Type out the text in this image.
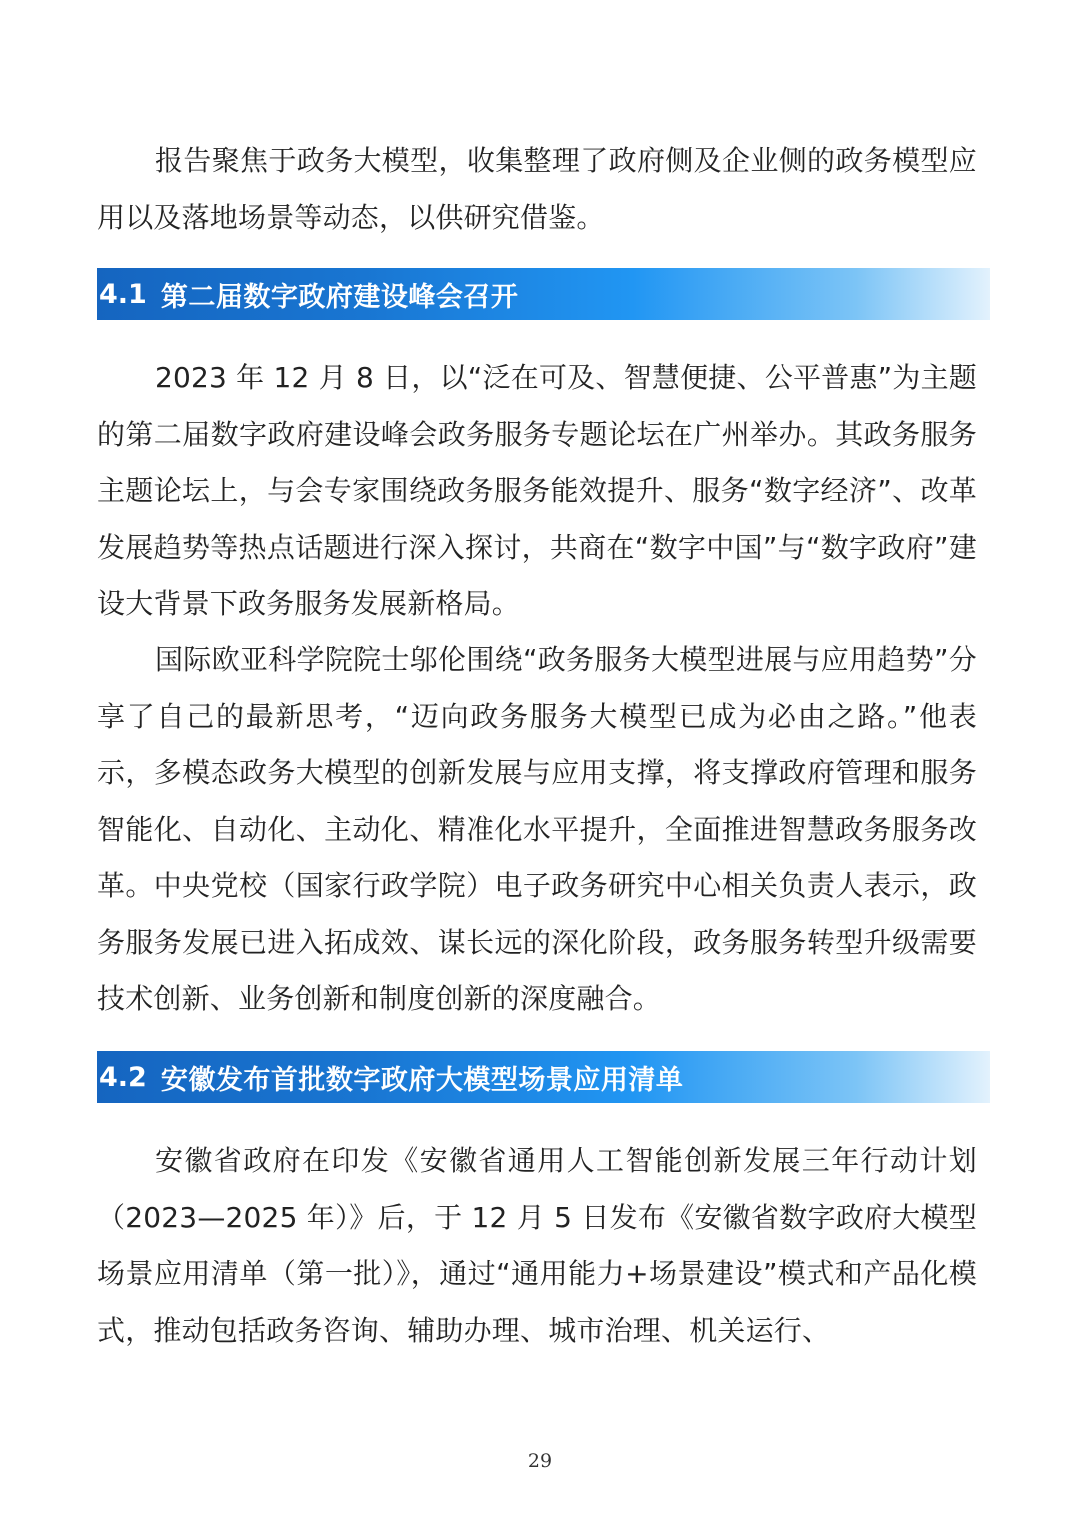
报告聚焦于政务大模型，收集整理了政府侧及企业侧的政务模型应用以及落地场景等动态，以供研究借鉴。

4.1 第二届数字政府建设峰会召开

2023 年 12 月 8 日，以“泛在可及、智慧便捷、公平普惠”为主题的第二届数字政府建设峰会政务服务专题论坛在广州举办。其政务服务主题论坛上，与会专家围绕政务服务能效提升、服务“数字经济”、改革发展趋势等热点话题进行深入探讨，共商在“数字中国”与“数字政府”建设大背景下政务服务发展新格局。

国际欧亚科学院院士邬伦围绕“政务服务大模型进展与应用趋势”分享了自己的最新思考，“迈向政务服务大模型已成为必由之路。”他表示，多模态政务大模型的创新发展与应用支撑，将支撑政府管理和服务智能化、自动化、主动化、精准化水平提升，全面推进智慧政务服务改革。中央党校（国家行政学院）电子政务研究中心相关负责人表示，政务服务发展已进入拓成效、谋长远的深化阶段，政务服务转型升级需要技术创新、业务创新和制度创新的深度融合。

4.2 安徽发布首批数字政府大模型场景应用清单

安徽省政府在印发《安徽省通用人工智能创新发展三年行动计划（2023—2025 年）》后，于 12 月 5 日发布《安徽省数字政府大模型场景应用清单（第一批）》，通过“通用能力+场景建设”模式和产品化模式，推动包括政务咨询、辅助办理、城市治理、机关运行、

29
